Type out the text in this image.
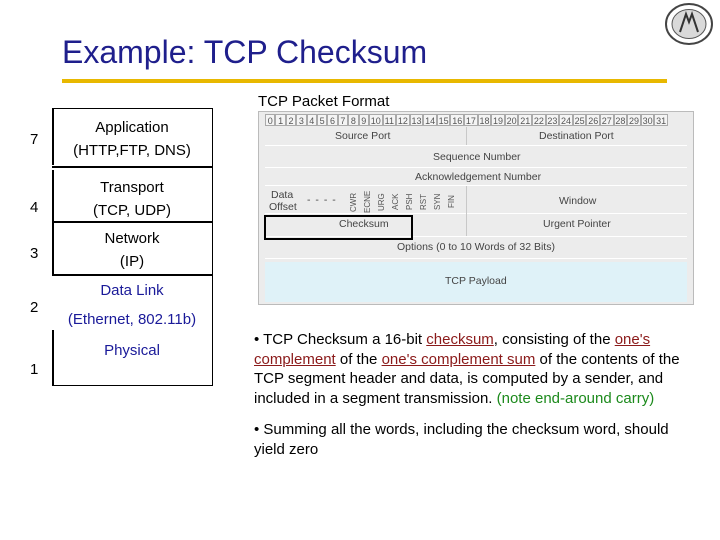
Example: TCP Checksum
7
4
3
2
1
Application
(HTTP,FTP, DNS)
Transport
(TCP, UDP)
Network
(IP)
Data Link
(Ethernet, 802.11b)
Physical
TCP Packet Format
0 1 2 3 4 5 6 7 8 9 10 11 12 13 14 15 16 17 18 19 20 21 22 23 24 25 26 27 28 29 30 31
Source Port	Destination Port
Sequence Number
Acknowledgement Number
Data
Offset
- - - - CWR ECNE URG ACK PSH RST SYN FIN	Window
Checksum	Urgent Pointer
Options (0 to 10 Words of 32 Bits)
TCP Payload

• TCP Checksum a 16-bit checksum, consisting of the one's complement of the one's complement sum of the contents of the TCP segment header and data, is computed by a sender, and included in a segment transmission. (note end-around carry)

• Summing all the words, including the checksum word, should yield zero
